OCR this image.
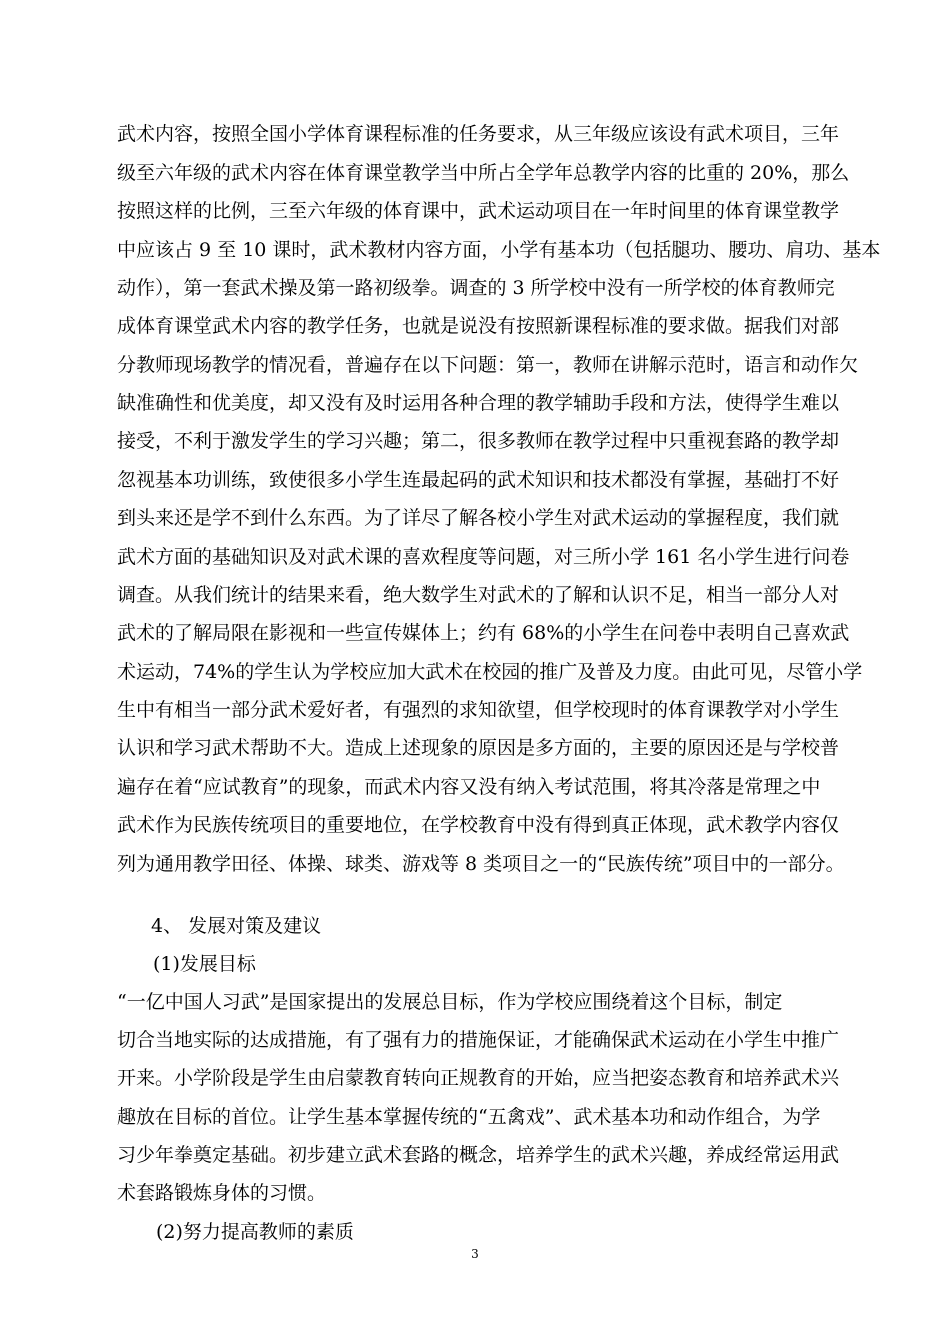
武术内容，按照全国小学体育课程标准的任务要求，从三年级应该设有武术项目，三年
级至六年级的武术内容在体育课堂教学当中所占全学年总教学内容的比重的 20%，那么
按照这样的比例，三至六年级的体育课中，武术运动项目在一年时间里的体育课堂教学
中应该占 9 至 10 课时，武术教材内容方面，小学有基本功（包括腿功、腰功、肩功、基本
动作），第一套武术操及第一路初级拳。调查的 3 所学校中没有一所学校的体育教师完
成体育课堂武术内容的教学任务，也就是说没有按照新课程标准的要求做。据我们对部
分教师现场教学的情况看，普遍存在以下问题：第一，教师在讲解示范时，语言和动作欠
缺准确性和优美度，却又没有及时运用各种合理的教学辅助手段和方法，使得学生难以
接受，不利于激发学生的学习兴趣；第二，很多教师在教学过程中只重视套路的教学却
忽视基本功训练，致使很多小学生连最起码的武术知识和技术都没有掌握，基础打不好
到头来还是学不到什么东西。为了详尽了解各校小学生对武术运动的掌握程度，我们就
武术方面的基础知识及对武术课的喜欢程度等问题，对三所小学 161 名小学生进行问卷
调查。从我们统计的结果来看，绝大数学生对武术的了解和认识不足，相当一部分人对
武术的了解局限在影视和一些宣传媒体上；约有 68%的小学生在问卷中表明自己喜欢武
术运动，74%的学生认为学校应加大武术在校园的推广及普及力度。由此可见，尽管小学
生中有相当一部分武术爱好者，有强烈的求知欲望，但学校现时的体育课教学对小学生
认识和学习武术帮助不大。造成上述现象的原因是多方面的，主要的原因还是与学校普
遍存在着“应试教育”的现象，而武术内容又没有纳入考试范围，将其冷落是常理之中
武术作为民族传统项目的重要地位，在学校教育中没有得到真正体现，武术教学内容仅
列为通用教学田径、体操、球类、游戏等 8 类项目之一的“民族传统”项目中的一部分。
4、 发展对策及建议
(1)发展目标
“一亿中国人习武”是国家提出的发展总目标，作为学校应围绕着这个目标，制定
切合当地实际的达成措施，有了强有力的措施保证，才能确保武术运动在小学生中推广
开来。小学阶段是学生由启蒙教育转向正规教育的开始，应当把姿态教育和培养武术兴
趣放在目标的首位。让学生基本掌握传统的“五禽戏”、武术基本功和动作组合，为学
习少年拳奠定基础。初步建立武术套路的概念，培养学生的武术兴趣，养成经常运用武
术套路锻炼身体的习惯。
(2)努力提高教师的素质
3
